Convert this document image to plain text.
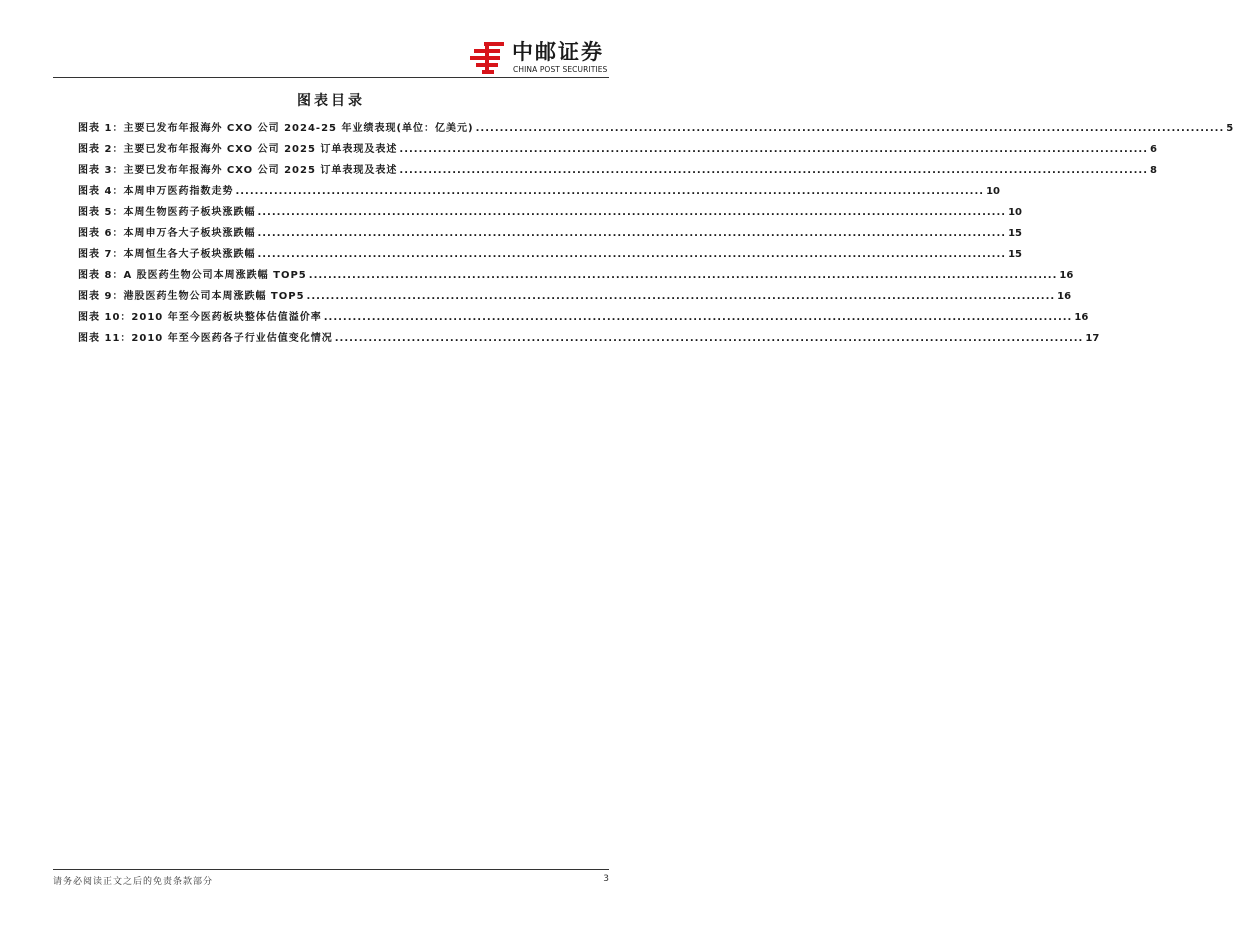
中邮证券
CHINA POST SECURITIES
图表目录
图表 1： 主要已发布年报海外 CXO 公司 2024-25 年业绩表现(单位：亿美元) .....	5
图表 2： 主要已发布年报海外 CXO 公司 2025 订单表现及表述 .....	6
图表 3： 主要已发布年报海外 CXO 公司 2025 订单表现及表述 .....	8
图表 4： 本周申万医药指数走势 .....	10
图表 5： 本周生物医药子板块涨跌幅 .....	10
图表 6： 本周申万各大子板块涨跌幅 .....	15
图表 7： 本周恒生各大子板块涨跌幅 .....	15
图表 8： A 股医药生物公司本周涨跌幅 TOP5 .....	16
图表 9： 港股医药生物公司本周涨跌幅 TOP5 .....	16
图表 10： 2010 年至今医药板块整体估值溢价率 .....	16
图表 11： 2010 年至今医药各子行业估值变化情况 .....	17
请务必阅读正文之后的免责条款部分	3
